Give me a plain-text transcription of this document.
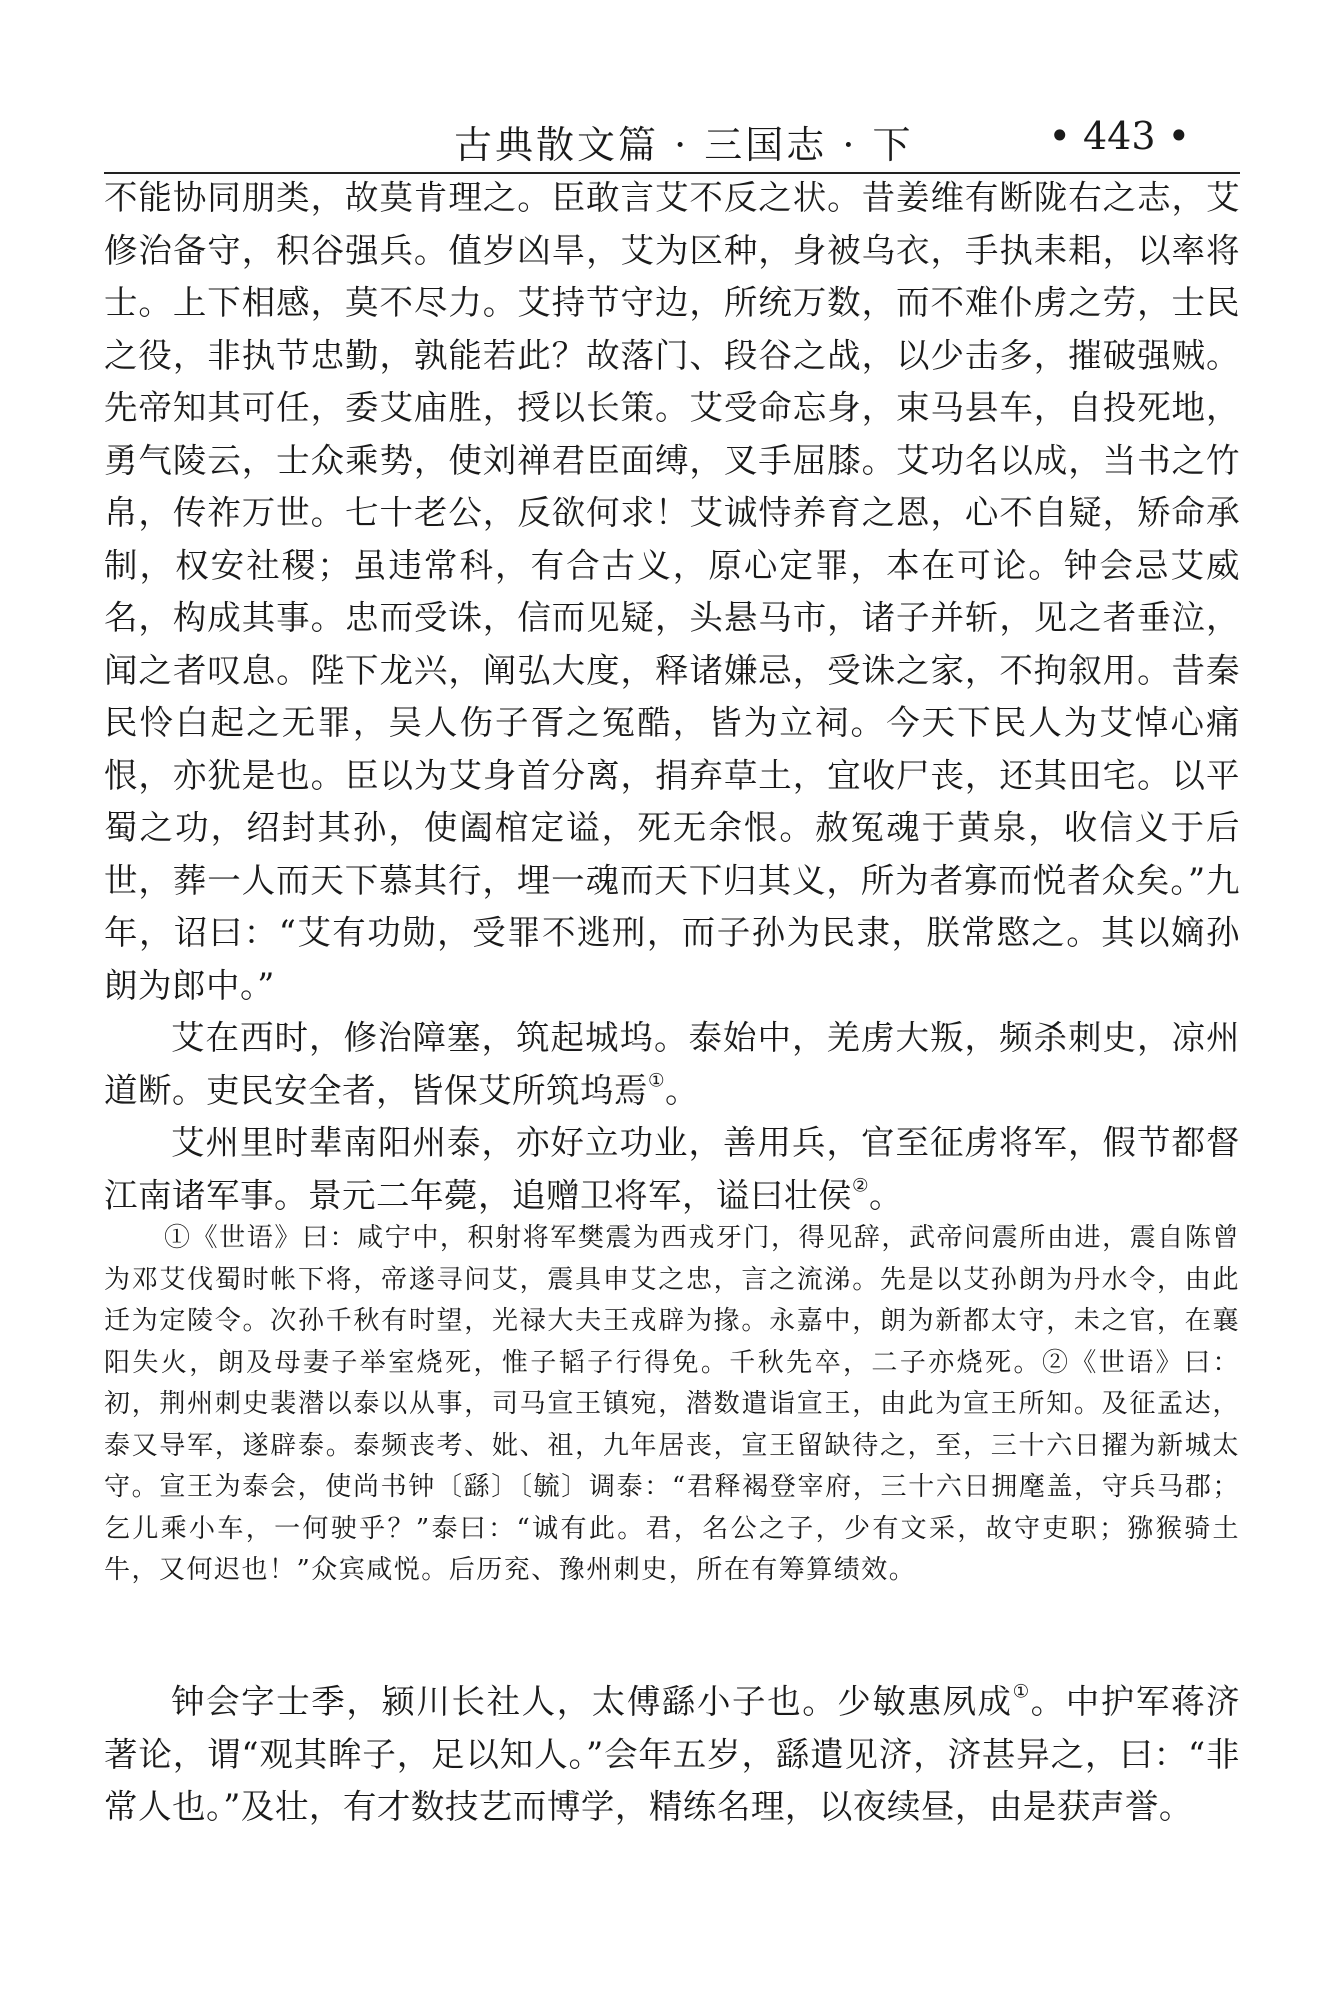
古典散文篇 · 三国志 · 下	• 443 •

不能协同朋类，故莫肯理之。臣敢言艾不反之状。昔姜维有断陇右之志，艾修治备守，积谷强兵。值岁凶旱，艾为区种，身被乌衣，手执耒耜，以率将士。上下相感，莫不尽力。艾持节守边，所统万数，而不难仆虏之劳，士民之役，非执节忠勤，孰能若此？故落门、段谷之战，以少击多，摧破强贼。先帝知其可任，委艾庙胜，授以长策。艾受命忘身，束马县车，自投死地，勇气陵云，士众乘势，使刘禅君臣面缚，叉手屈膝。艾功名以成，当书之竹帛，传祚万世。七十老公，反欲何求！艾诚恃养育之恩，心不自疑，矫命承制，权安社稷；虽违常科，有合古义，原心定罪，本在可论。钟会忌艾威名，构成其事。忠而受诛，信而见疑，头悬马市，诸子并斩，见之者垂泣，闻之者叹息。陛下龙兴，阐弘大度，释诸嫌忌，受诛之家，不拘叙用。昔秦民怜白起之无罪，吴人伤子胥之冤酷，皆为立祠。今天下民人为艾悼心痛恨，亦犹是也。臣以为艾身首分离，捐弃草土，宜收尸丧，还其田宅。以平蜀之功，绍封其孙，使阖棺定谥，死无余恨。赦冤魂于黄泉，收信义于后世，葬一人而天下慕其行，埋一魂而天下归其义，所为者寡而悦者众矣。”九年，诏曰：“艾有功勋，受罪不逃刑，而子孙为民隶，朕常愍之。其以嫡孙朗为郎中。”

艾在西时，修治障塞，筑起城坞。泰始中，羌虏大叛，频杀刺史，凉州道断。吏民安全者，皆保艾所筑坞焉①。

艾州里时辈南阳州泰，亦好立功业，善用兵，官至征虏将军，假节都督江南诸军事。景元二年薨，追赠卫将军，谥曰壮侯②。

①《世语》曰：咸宁中，积射将军樊震为西戎牙门，得见辞，武帝问震所由进，震自陈曾为邓艾伐蜀时帐下将，帝遂寻问艾，震具申艾之忠，言之流涕。先是以艾孙朗为丹水令，由此迁为定陵令。次孙千秋有时望，光禄大夫王戎辟为掾。永嘉中，朗为新都太守，未之官，在襄阳失火，朗及母妻子举室烧死，惟子韬子行得免。千秋先卒，二子亦烧死。②《世语》曰：初，荆州刺史裴潜以泰以从事，司马宣王镇宛，潜数遣诣宣王，由此为宣王所知。及征孟达，泰又导军，遂辟泰。泰频丧考、妣、祖，九年居丧，宣王留缺待之，至，三十六日擢为新城太守。宣王为泰会，使尚书钟〔繇〕〔毓〕调泰：“君释褐登宰府，三十六日拥麾盖，守兵马郡；乞儿乘小车，一何驶乎？”泰曰：“诚有此。君，名公之子，少有文采，故守吏职；猕猴骑土牛，又何迟也！”众宾咸悦。后历兖、豫州刺史，所在有筹算绩效。

钟会字士季，颍川长社人，太傅繇小子也。少敏惠夙成①。中护军蒋济著论，谓“观其眸子，足以知人。”会年五岁，繇遣见济，济甚异之，曰：“非常人也。”及壮，有才数技艺而博学，精练名理，以夜续昼，由是获声誉。
